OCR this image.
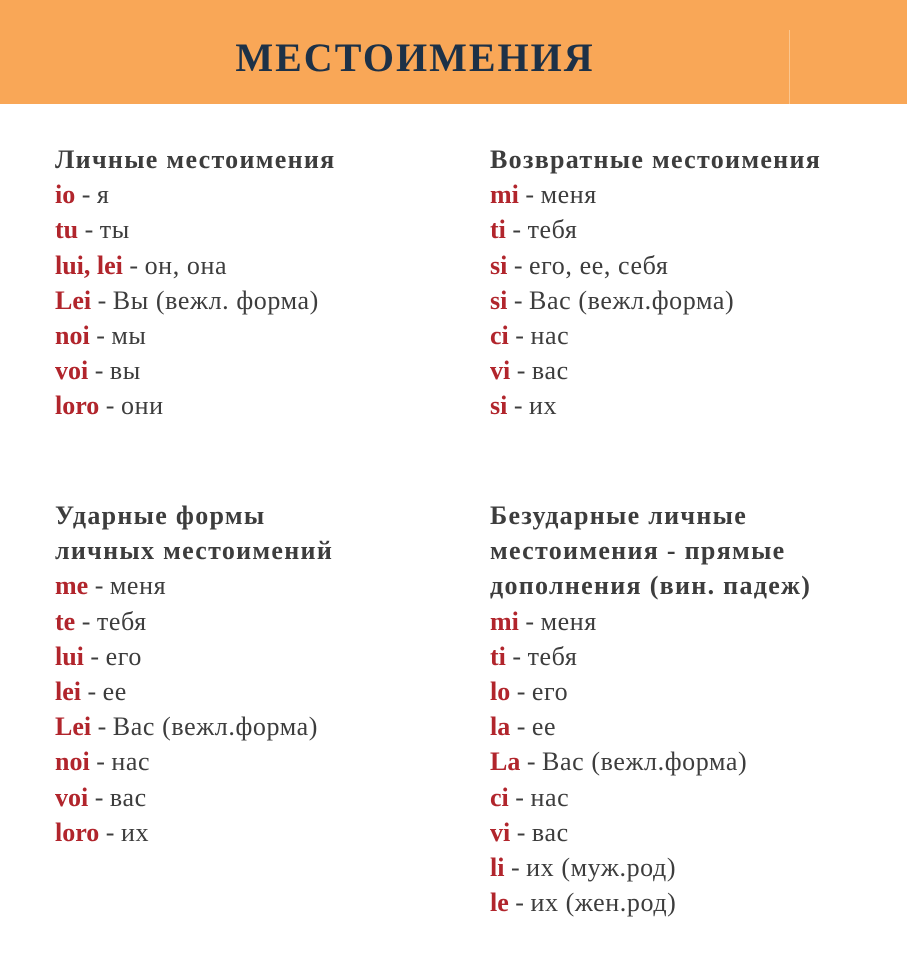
МЕСТОИМЕНИЯ
Личные местоимения
io - я
tu - ты
lui, lei - он, она
Lei - Вы (вежл. форма)
noi - мы
voi - вы
loro - они
Возвратные местоимения
mi - меня
ti - тебя
si - его, ее, себя
si - Вас (вежл.форма)
ci - нас
vi - вас
si - их
Ударные формы
личных местоимений
me - меня
te - тебя
lui - его
lei - ее
Lei - Вас (вежл.форма)
noi - нас
voi - вас
loro - их
Безударные личные
местоимения - прямые
дополнения (вин. падеж)
mi - меня
ti - тебя
lo - его
la - ее
La - Вас (вежл.форма)
ci - нас
vi - вас
li - их (муж.род)
le - их (жен.род)
